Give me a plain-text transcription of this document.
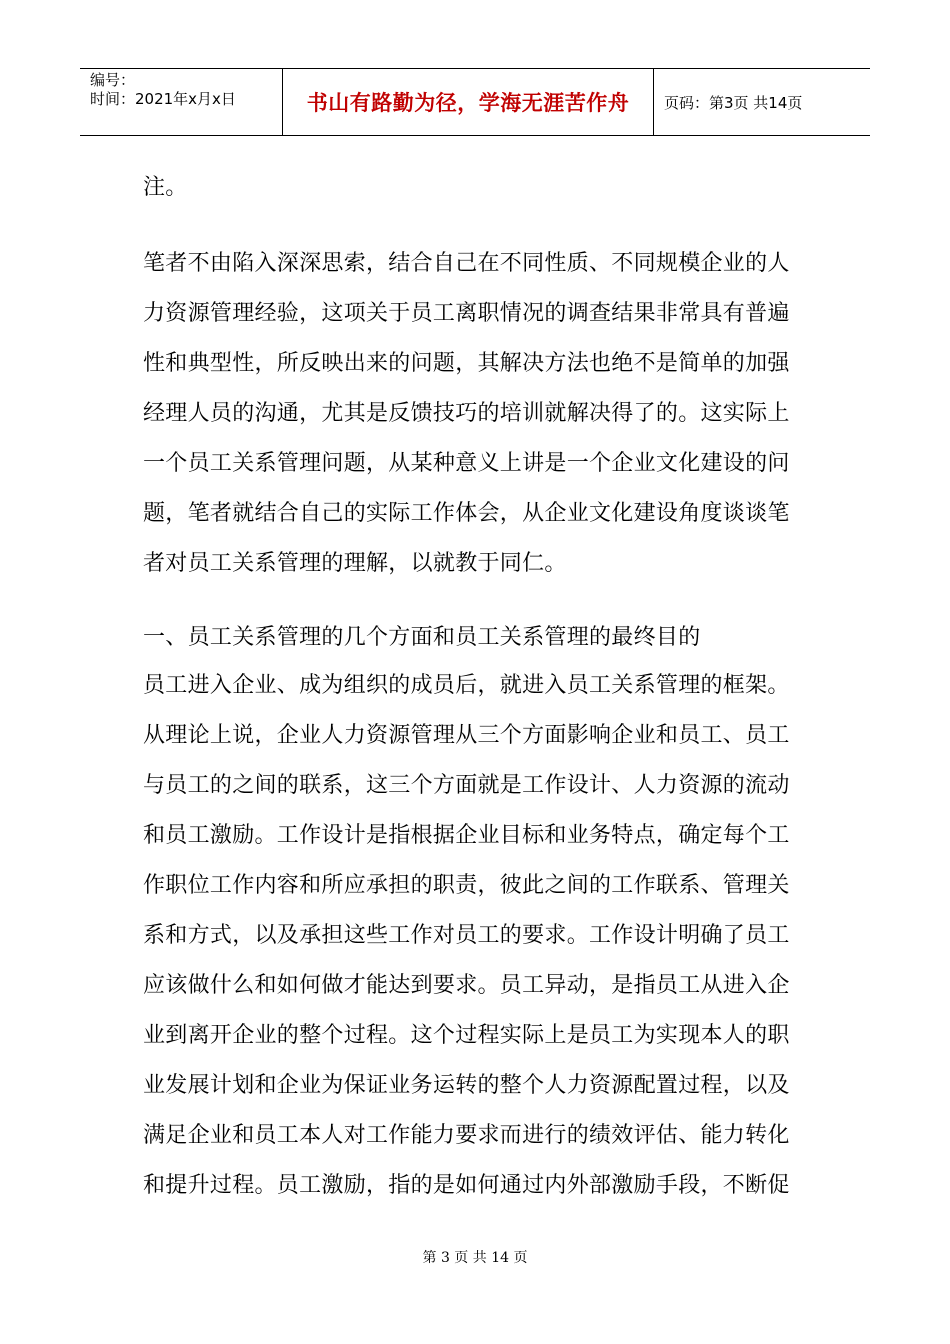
编号：
时间：2021年x月x日	书山有路勤为径，学海无涯苦作舟	页码：第3页 共14页
注。
笔者不由陷入深深思索，结合自己在不同性质、不同规模企业的人
力资源管理经验，这项关于员工离职情况的调查结果非常具有普遍
性和典型性，所反映出来的问题，其解决方法也绝不是简单的加强
经理人员的沟通，尤其是反馈技巧的培训就解决得了的。这实际上
一个员工关系管理问题，从某种意义上讲是一个企业文化建设的问
题，笔者就结合自己的实际工作体会，从企业文化建设角度谈谈笔
者对员工关系管理的理解，以就教于同仁。
一、员工关系管理的几个方面和员工关系管理的最终目的
员工进入企业、成为组织的成员后，就进入员工关系管理的框架。
从理论上说，企业人力资源管理从三个方面影响企业和员工、员工
与员工的之间的联系，这三个方面就是工作设计、人力资源的流动
和员工激励。工作设计是指根据企业目标和业务特点，确定每个工
作职位工作内容和所应承担的职责，彼此之间的工作联系、管理关
系和方式，以及承担这些工作对员工的要求。工作设计明确了员工
应该做什么和如何做才能达到要求。员工异动，是指员工从进入企
业到离开企业的整个过程。这个过程实际上是员工为实现本人的职
业发展计划和企业为保证业务运转的整个人力资源配置过程，以及
满足企业和员工本人对工作能力要求而进行的绩效评估、能力转化
和提升过程。员工激励，指的是如何通过内外部激励手段，不断促
第 3 页 共 14 页
